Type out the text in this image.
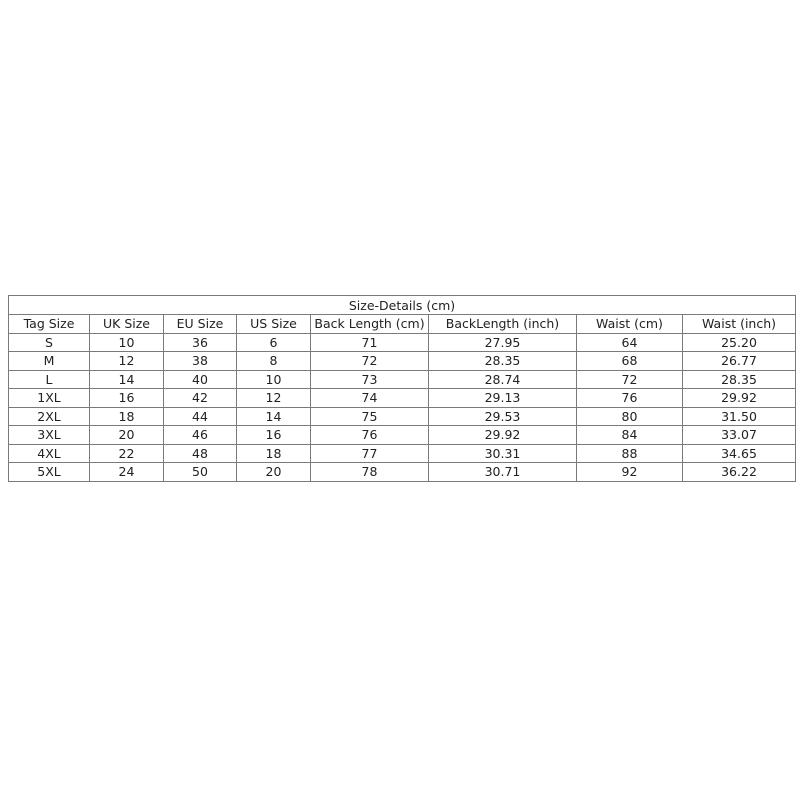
Size-Details (cm)							
Tag Size	UK Size	EU Size	US Size	Back Length (cm)	BackLength (inch)	Waist (cm)	Waist (inch)
S	10	36	6	71	27.95	64	25.20
M	12	38	8	72	28.35	68	26.77
L	14	40	10	73	28.74	72	28.35
1XL	16	42	12	74	29.13	76	29.92
2XL	18	44	14	75	29.53	80	31.50
3XL	20	46	16	76	29.92	84	33.07
4XL	22	48	18	77	30.31	88	34.65
5XL	24	50	20	78	30.71	92	36.22
